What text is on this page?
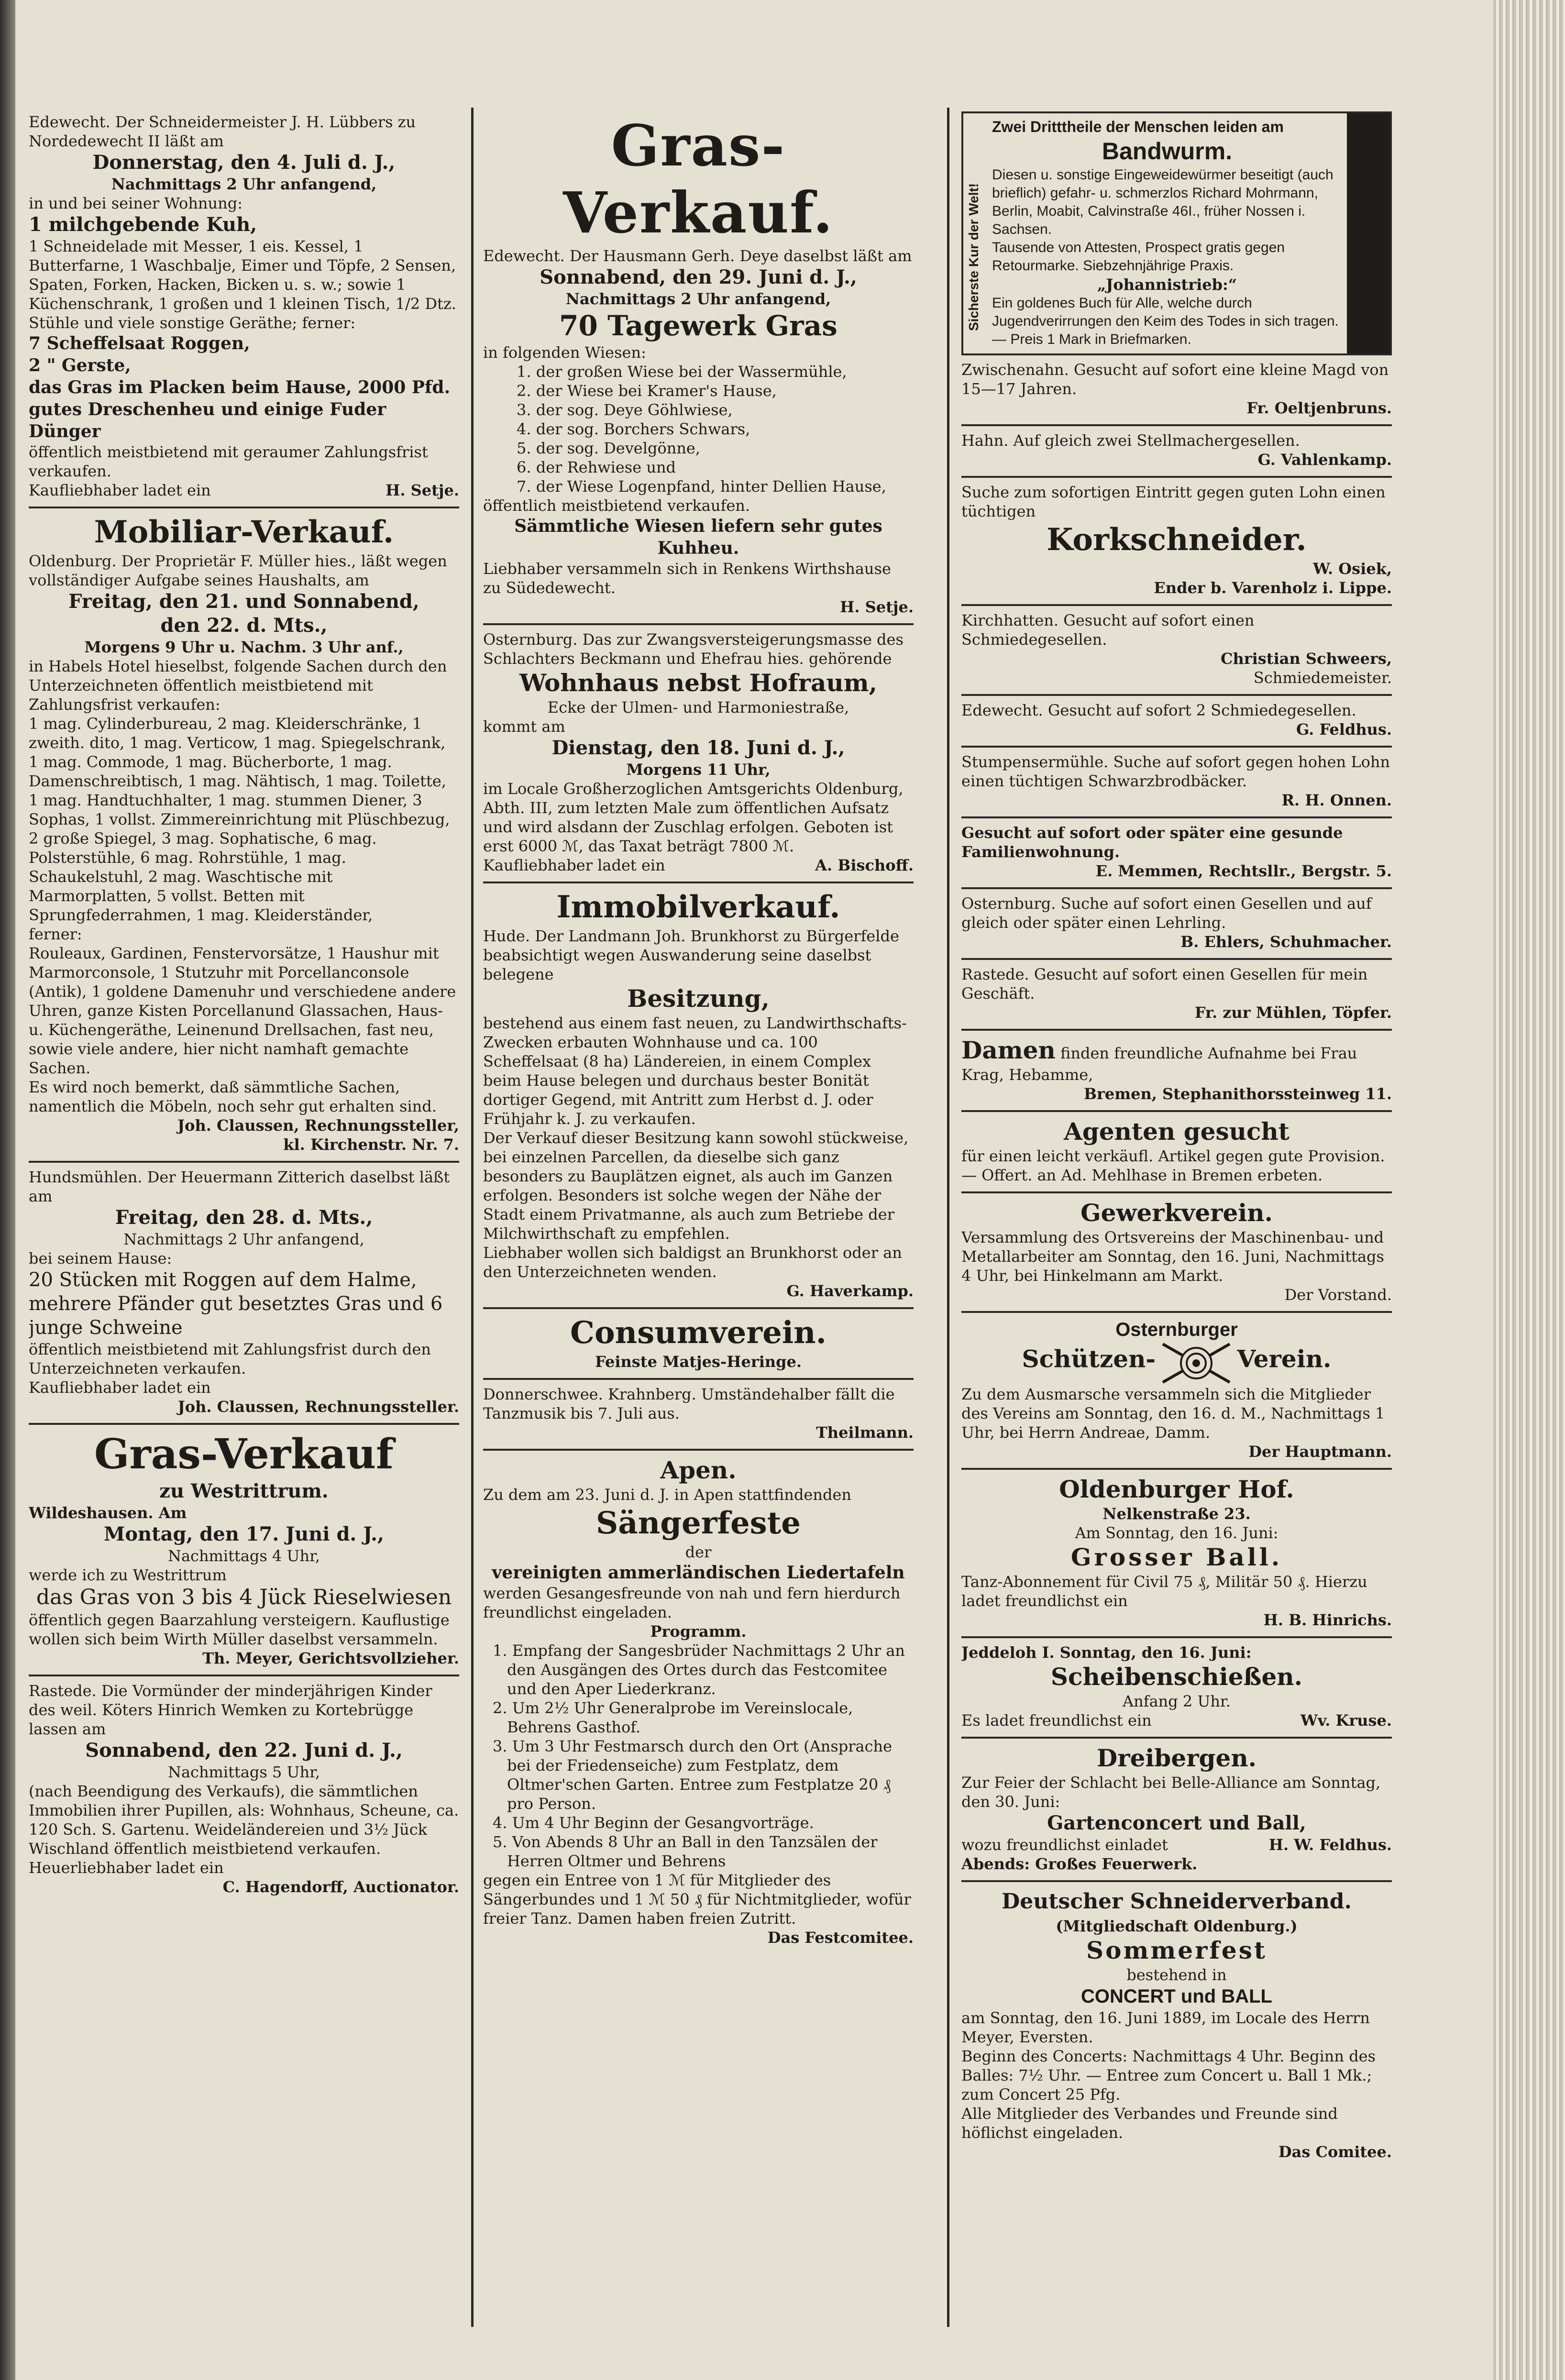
Edewecht. Der Schneidermeister J. H. Lübbers zu Nordedewecht II läßt am

Donnerstag, den 4. Juli d. J.,

Nachmittags 2 Uhr anfangend,

in und bei seiner Wohnung:

1 milchgebende Kuh,

1 Schneidelade mit Messer, 1 eis. Kessel, 1 Butterfarne, 1 Waschbalje, Eimer und Töpfe, 2 Sensen, Spaten, Forken, Hacken, Bicken u. s. w.; sowie 1 Küchenschrank, 1 großen und 1 kleinen Tisch, 1/2 Dtz. Stühle und viele sonstige Geräthe; ferner:

7 Scheffelsaat Roggen,

2 " Gerste,

das Gras im Placken beim Hause, 2000 Pfd. gutes Dreschenheu und einige Fuder Dünger

öffentlich meistbietend mit geraumer Zahlungsfrist verkaufen.

Kaufliebhaber ladet ein	H. Setje.

Mobiliar-Verkauf.

Oldenburg. Der Proprietär F. Müller hies., läßt wegen vollständiger Aufgabe seines Haushalts, am

Freitag, den 21. und Sonnabend,

den 22. d. Mts.,

Morgens 9 Uhr u. Nachm. 3 Uhr anf.,

in Habels Hotel hieselbst, folgende Sachen durch den Unterzeichneten öffentlich meistbietend mit Zahlungsfrist verkaufen:

1 mag. Cylinderbureau, 2 mag. Kleiderschränke, 1 zweith. dito, 1 mag. Verticow, 1 mag. Spiegelschrank, 1 mag. Commode, 1 mag. Bücherborte, 1 mag. Damenschreibtisch, 1 mag. Nähtisch, 1 mag. Toilette, 1 mag. Handtuchhalter, 1 mag. stummen Diener, 3 Sophas, 1 vollst. Zimmereinrichtung mit Plüschbezug, 2 große Spiegel, 3 mag. Sophatische, 6 mag. Polsterstühle, 6 mag. Rohrstühle, 1 mag. Schaukelstuhl, 2 mag. Waschtische mit Marmorplatten, 5 vollst. Betten mit Sprungfederrahmen, 1 mag. Kleiderständer,

ferner:

Rouleaux, Gardinen, Fenstervorsätze, 1 Haushur mit Marmorconsole, 1 Stutzuhr mit Porcellanconsole (Antik), 1 goldene Damenuhr und verschiedene andere Uhren, ganze Kisten Porcellanund Glassachen, Haus- u. Küchengeräthe, Leinenund Drellsachen, fast neu, sowie viele andere, hier nicht namhaft gemachte Sachen.

Es wird noch bemerkt, daß sämmtliche Sachen, namentlich die Möbeln, noch sehr gut erhalten sind.

Joh. Claussen, Rechnungssteller,

kl. Kirchenstr. Nr. 7.

Hundsmühlen. Der Heuermann Zitterich daselbst läßt am

Freitag, den 28. d. Mts.,

Nachmittags 2 Uhr anfangend,

bei seinem Hause:

20 Stücken mit Roggen auf dem Halme, mehrere Pfänder gut besetztes Gras und 6 junge Schweine

öffentlich meistbietend mit Zahlungsfrist durch den Unterzeichneten verkaufen.

Kaufliebhaber ladet ein

Joh. Claussen, Rechnungssteller.

Gras-Verkauf

zu Westrittrum.

Wildeshausen. Am

Montag, den 17. Juni d. J.,

Nachmittags 4 Uhr,

werde ich zu Westrittrum

das Gras von 3 bis 4 Jück Rieselwiesen

öffentlich gegen Baarzahlung versteigern. Kauflustige wollen sich beim Wirth Müller daselbst versammeln.

Th. Meyer, Gerichtsvollzieher.

Rastede. Die Vormünder der minderjährigen Kinder des weil. Köters Hinrich Wemken zu Kortebrügge lassen am

Sonnabend, den 22. Juni d. J.,

Nachmittags 5 Uhr,

(nach Beendigung des Verkaufs), die sämmtlichen Immobilien ihrer Pupillen, als: Wohnhaus, Scheune, ca. 120 Sch. S. Gartenu. Weideländereien und 3½ Jück Wischland öffentlich meistbietend verkaufen.

Heuerliebhaber ladet ein

C. Hagendorff, Auctionator.

Gras-Verkauf.

Edewecht. Der Hausmann Gerh. Deye daselbst läßt am

Sonnabend, den 29. Juni d. J.,

Nachmittags 2 Uhr anfangend,

70 Tagewerk Gras

in folgenden Wiesen:

1. der großen Wiese bei der Wassermühle,

2. der Wiese bei Kramer's Hause,

3. der sog. Deye Göhlwiese,

4. der sog. Borchers Schwars,

5. der sog. Develgönne,

6. der Rehwiese und

7. der Wiese Logenpfand, hinter Dellien Hause,

öffentlich meistbietend verkaufen.

Sämmtliche Wiesen liefern sehr gutes Kuhheu.

Liebhaber versammeln sich in Renkens Wirthshause zu Südedewecht.

H. Setje.

Osternburg. Das zur Zwangsversteigerungsmasse des Schlachters Beckmann und Ehefrau hies. gehörende

Wohnhaus nebst Hofraum,

Ecke der Ulmen- und Harmoniestraße,

kommt am

Dienstag, den 18. Juni d. J.,

Morgens 11 Uhr,

im Locale Großherzoglichen Amtsgerichts Oldenburg, Abth. III, zum letzten Male zum öffentlichen Aufsatz und wird alsdann der Zuschlag erfolgen. Geboten ist erst 6000 ℳ, das Taxat beträgt 7800 ℳ.

Kaufliebhaber ladet ein	A. Bischoff.

Immobilverkauf.

Hude. Der Landmann Joh. Brunkhorst zu Bürgerfelde beabsichtigt wegen Auswanderung seine daselbst belegene

Besitzung,

bestehend aus einem fast neuen, zu Landwirthschafts-Zwecken erbauten Wohnhause und ca. 100 Scheffelsaat (8 ha) Ländereien, in einem Complex beim Hause belegen und durchaus bester Bonität dortiger Gegend, mit Antritt zum Herbst d. J. oder Frühjahr k. J. zu verkaufen.

Der Verkauf dieser Besitzung kann sowohl stückweise, bei einzelnen Parcellen, da dieselbe sich ganz besonders zu Bauplätzen eignet, als auch im Ganzen erfolgen. Besonders ist solche wegen der Nähe der Stadt einem Privatmanne, als auch zum Betriebe der Milchwirthschaft zu empfehlen.

Liebhaber wollen sich baldigst an Brunkhorst oder an den Unterzeichneten wenden.

G. Haverkamp.

Consumverein.

Feinste Matjes-Heringe.

Donnerschwee. Krahnberg. Umständehalber fällt die Tanzmusik bis 7. Juli aus.

Theilmann.

Apen.

Zu dem am 23. Juni d. J. in Apen stattfindenden

Sängerfeste

der

vereinigten ammerländischen Liedertafeln

werden Gesangesfreunde von nah und fern hierdurch freundlichst eingeladen.

Programm.

1. Empfang der Sangesbrüder Nachmittags 2 Uhr an den Ausgängen des Ortes durch das Festcomitee und den Aper Liederkranz.

2. Um 2½ Uhr Generalprobe im Vereinslocale, Behrens Gasthof.

3. Um 3 Uhr Festmarsch durch den Ort (Ansprache bei der Friedenseiche) zum Festplatz, dem Oltmer'schen Garten. Entree zum Festplatze 20 ₰ pro Person.

4. Um 4 Uhr Beginn der Gesangvorträge.

5. Von Abends 8 Uhr an Ball in den Tanzsälen der Herren Oltmer und Behrens

gegen ein Entree von 1 ℳ für Mitglieder des Sängerbundes und 1 ℳ 50 ₰ für Nichtmitglieder, wofür freier Tanz. Damen haben freien Zutritt.

Das Festcomitee.

Sicherste Kur der Welt!

Zwei Dritttheile der Menschen leiden am

Bandwurm.

Diesen u. sonstige Eingeweidewürmer beseitigt (auch brieflich) gefahr- u. schmerzlos Richard Mohrmann, Berlin, Moabit, Calvinstraße 46I., früher Nossen i. Sachsen.

Tausende von Attesten, Prospect gratis gegen Retourmarke. Siebzehnjährige Praxis.

„Johannistrieb:“

Ein goldenes Buch für Alle, welche durch Jugendverirrungen den Keim des Todes in sich tragen. — Preis 1 Mark in Briefmarken.

Zwischenahn. Gesucht auf sofort eine kleine Magd von 15—17 Jahren.

Fr. Oeltjenbruns.

Hahn. Auf gleich zwei Stellmachergesellen.

G. Vahlenkamp.

Suche zum sofortigen Eintritt gegen guten Lohn einen tüchtigen

Korkschneider.

W. Osiek,

Ender b. Varenholz i. Lippe.

Kirchhatten. Gesucht auf sofort einen Schmiedegesellen.

Christian Schweers,

Schmiedemeister.

Edewecht. Gesucht auf sofort 2 Schmiedegesellen.

G. Feldhus.

Stumpensermühle. Suche auf sofort gegen hohen Lohn einen tüchtigen Schwarzbrodbäcker.

R. H. Onnen.

Gesucht auf sofort oder später eine gesunde Familienwohnung.

E. Memmen, Rechtsllr., Bergstr. 5.

Osternburg. Suche auf sofort einen Gesellen und auf gleich oder später einen Lehrling.

B. Ehlers, Schuhmacher.

Rastede. Gesucht auf sofort einen Gesellen für mein Geschäft.

Fr. zur Mühlen, Töpfer.

Damen finden freundliche Aufnahme bei Frau Krag, Hebamme,

Bremen, Stephanithorssteinweg 11.

Agenten gesucht

für einen leicht verkäufl. Artikel gegen gute Provision. — Offert. an Ad. Mehlhase in Bremen erbeten.

Gewerkverein.

Versammlung des Ortsvereins der Maschinenbau- und Metallarbeiter am Sonntag, den 16. Juni, Nachmittags 4 Uhr, bei Hinkelmann am Markt.

Der Vorstand.

Osternburger

Schützen-	Verein.

Zu dem Ausmarsche versammeln sich die Mitglieder des Vereins am Sonntag, den 16. d. M., Nachmittags 1 Uhr, bei Herrn Andreae, Damm.

Der Hauptmann.

Oldenburger Hof.

Nelkenstraße 23.

Am Sonntag, den 16. Juni:

Grosser Ball.

Tanz-Abonnement für Civil 75 ₰, Militär 50 ₰. Hierzu ladet freundlichst ein

H. B. Hinrichs.

Jeddeloh I. Sonntag, den 16. Juni:

Scheibenschießen.

Anfang 2 Uhr.

Es ladet freundlichst ein	Wv. Kruse.

Dreibergen.

Zur Feier der Schlacht bei Belle-Alliance am Sonntag, den 30. Juni:

Gartenconcert und Ball,

wozu freundlichst einladet	H. W. Feldhus.

Abends: Großes Feuerwerk.

Deutscher Schneiderverband.

(Mitgliedschaft Oldenburg.)

Sommerfest

bestehend in

CONCERT und BALL

am Sonntag, den 16. Juni 1889, im Locale des Herrn Meyer, Eversten.

Beginn des Concerts: Nachmittags 4 Uhr. Beginn des Balles: 7½ Uhr. — Entree zum Concert u. Ball 1 Mk.; zum Concert 25 Pfg.

Alle Mitglieder des Verbandes und Freunde sind höflichst eingeladen.

Das Comitee.
